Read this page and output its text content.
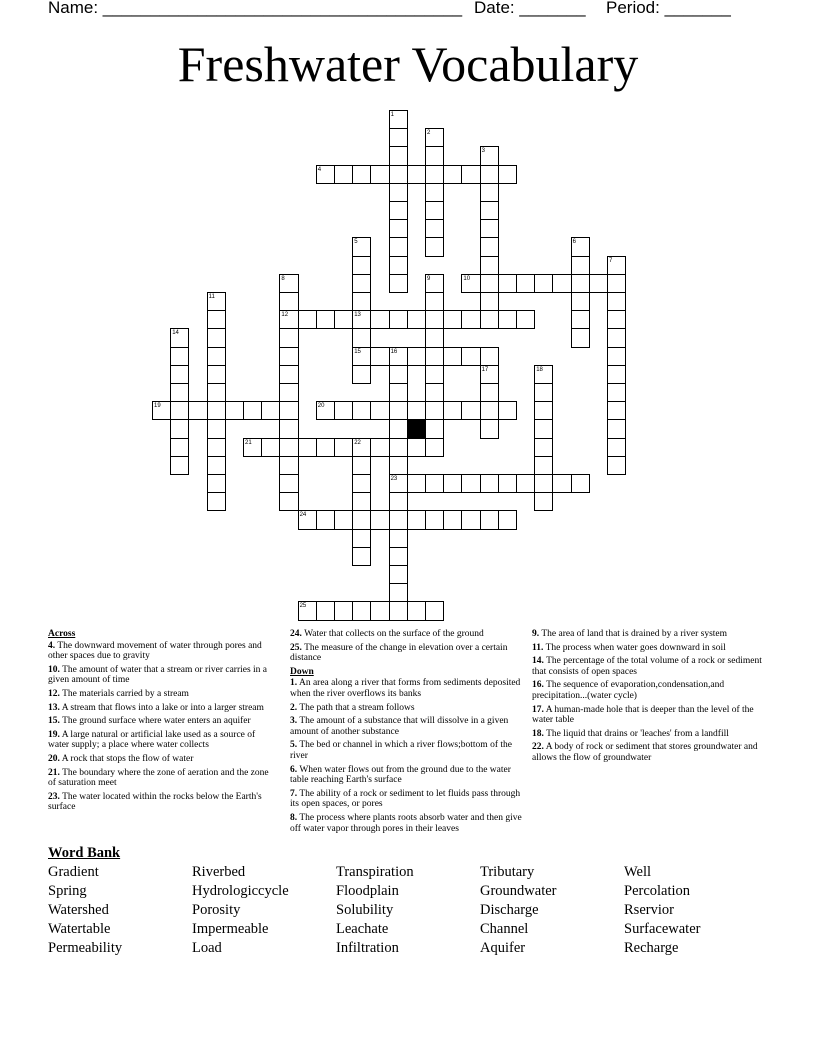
Name: ______________________________________ Date: _______ Period: _______
Freshwater Vocabulary
4
10
12	13
15
19	20
21
23
24
25
1
2
3
5	6
7
8	9
11
14
16
17	18
22
Across
4. The downward movement of water through pores and other spaces due to gravity
10. The amount of water that a stream or river carries in a given amount of time
12. The materials carried by a stream
13. A stream that flows into a lake or into a larger stream
15. The ground surface where water enters an aquifer
19. A large natural or artificial lake used as a source of water supply; a place where water collects
20. A rock that stops the flow of water
21. The boundary where the zone of aeration and the zone of saturation meet
23. The water located within the rocks below the Earth's surface
24. Water that collects on the surface of the ground
25. The measure of the change in elevation over a certain distance
Down
1. An area along a river that forms from sediments deposited when the river overflows its banks
2. The path that a stream follows
3. The amount of a substance that will dissolve in a given amount of another substance
5. The bed or channel in which a river flows;bottom of the river
6. When water flows out from the ground due to the water table reaching Earth's surface
7. The ability of a rock or sediment to let fluids pass through its open spaces, or pores
8. The process where plants roots absorb water and then give off water vapor through pores in their leaves
9. The area of land that is drained by a river system
11. The process when water goes downward in soil
14. The percentage of the total volume of a rock or sediment that consists of open spaces
16. The sequence of evaporation,condensation,and precipitation...(water cycle)
17. A human-made hole that is deeper than the level of the water table
18. The liquid that drains or 'leaches' from a landfill
22. A body of rock or sediment that stores groundwater and allows the flow of groundwater
Word Bank
Gradient
Spring
Watershed
Watertable
Permeability
Riverbed
Hydrologiccycle
Porosity
Impermeable
Load
Transpiration
Floodplain
Solubility
Leachate
Infiltration
Tributary
Groundwater
Discharge
Channel
Aquifer
Well
Percolation
Rservior
Surfacewater
Recharge
